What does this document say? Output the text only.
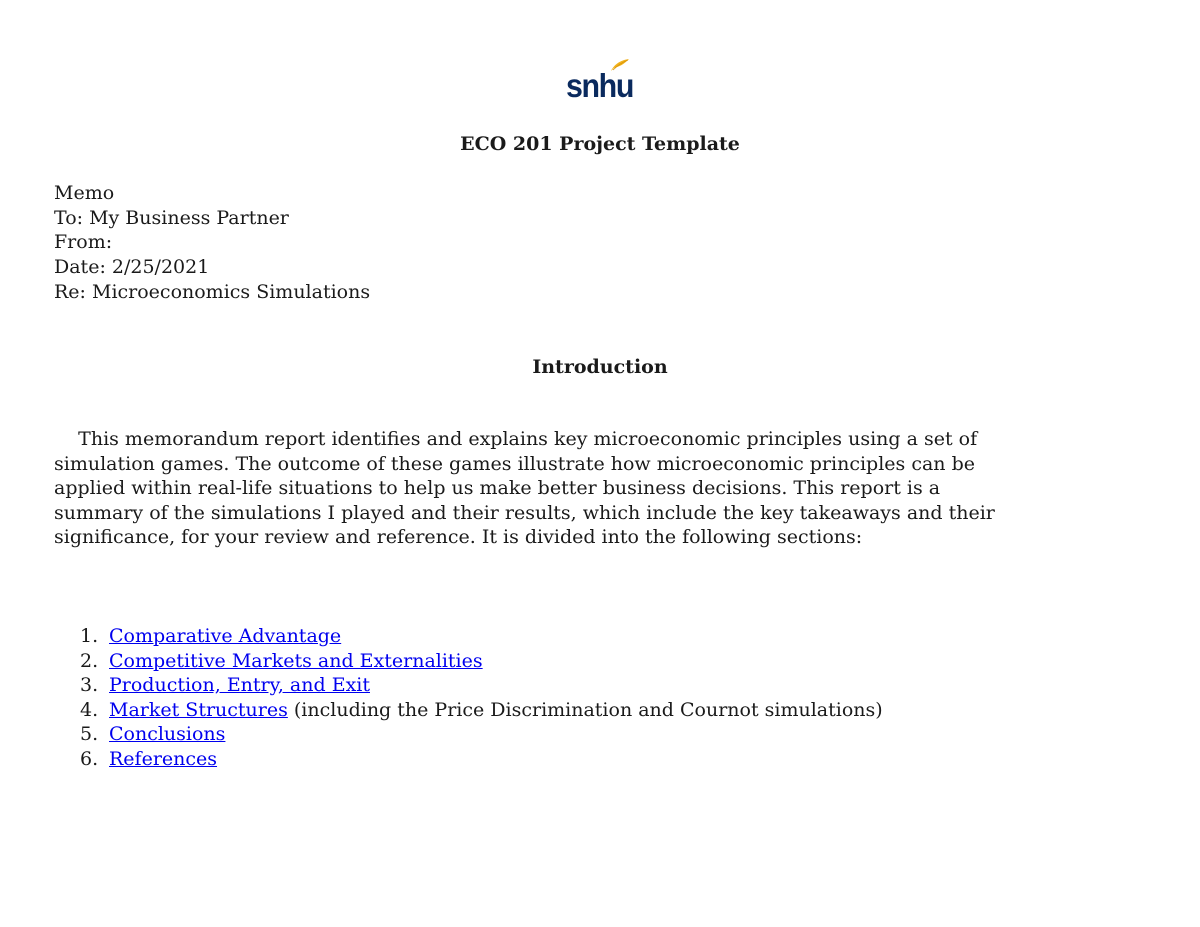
snhu
ECO 201 Project Template
Memo
To: My Business Partner
From:
Date: 2/25/2021
Re: Microeconomics Simulations
Introduction
This memorandum report identifies and explains key microeconomic principles using a set of
simulation games. The outcome of these games illustrate how microeconomic principles can be
applied within real-life situations to help us make better business decisions. This report is a
summary of the simulations I played and their results, which include the key takeaways and their
significance, for your review and reference. It is divided into the following sections:
1. Comparative Advantage
2. Competitive Markets and Externalities
3. Production, Entry, and Exit
4. Market Structures (including the Price Discrimination and Cournot simulations)
5. Conclusions
6. References
